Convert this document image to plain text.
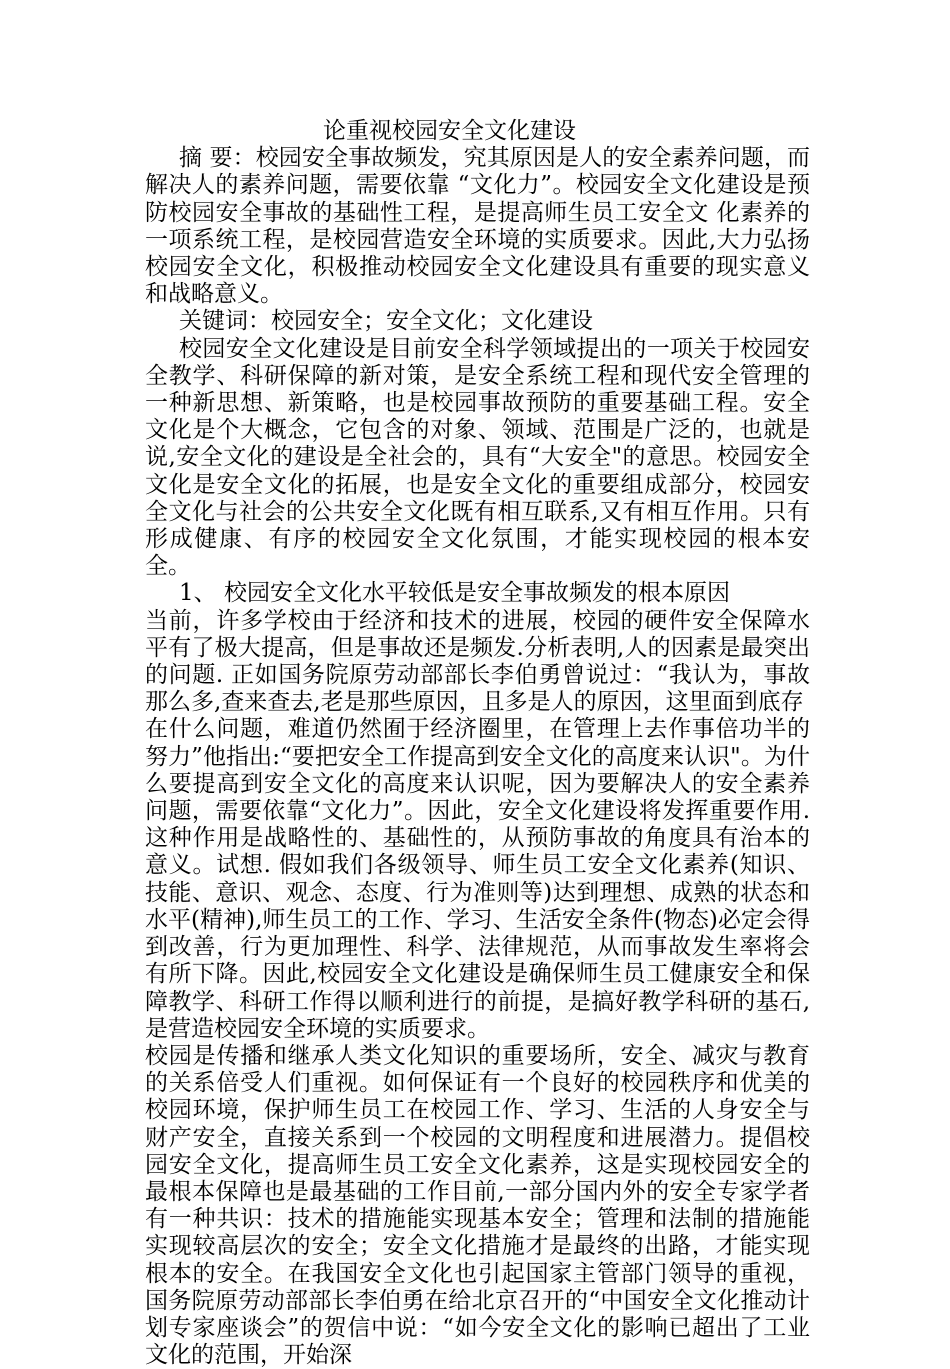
论重视校园安全文化建设

摘 要：校园安全事故频发，究其原因是人的安全素养问题，而解决人的素养问题，需要依靠 “文化力”。校园安全文化建设是预防校园安全事故的基础性工程，是提高师生员工安全文 化素养的一项系统工程，是校园营造安全环境的实质要求。因此,大力弘扬校园安全文化，积极推动校园安全文化建设具有重要的现实意义和战略意义。

关键词：校园安全；安全文化；文化建设

校园安全文化建设是目前安全科学领域提出的一项关于校园安全教学、科研保障的新对策，是安全系统工程和现代安全管理的一种新思想、新策略，也是校园事故预防的重要基础工程。安全文化是个大概念，它包含的对象、领域、范围是广泛的，也就是说,安全文化的建设是全社会的，具有“大安全"的意思。校园安全文化是安全文化的拓展，也是安全文化的重要组成部分，校园安全文化与社会的公共安全文化既有相互联系,又有相互作用。只有形成健康、有序的校园安全文化氛围，才能实现校园的根本安全。

1、 校园安全文化水平较低是安全事故频发的根本原因

当前，许多学校由于经济和技术的进展，校园的硬件安全保障水平有了极大提高，但是事故还是频发.分析表明,人的因素是最突出的问题. 正如国务院原劳动部部长李伯勇曾说过：“我认为，事故那么多,查来查去,老是那些原因，且多是人的原因，这里面到底存

在什么问题，难道仍然囿于经济圈里，在管理上去作事倍功半的努力”他指出:“要把安全工作提高到安全文化的高度来认识"。为什么要提高到安全文化的高度来认识呢，因为要解决人的安全素养问题，需要依靠“文化力”。因此，安全文化建设将发挥重要作用.这种作用是战略性的、基础性的，从预防事故的角度具有治本的意义。试想. 假如我们各级领导、师生员工安全文化素养(知识、技能、意识、观念、态度、行为准则等)达到理想、成熟的状态和水平(精神),师生员工的工作、学习、生活安全条件(物态)必定会得到改善，行为更加理性、科学、法律规范，从而事故发生率将会有所下降。因此,校园安全文化建设是确保师生员工健康安全和保障教学、科研工作得以顺利进行的前提，是搞好教学科研的基石,是营造校园安全环境的实质要求。

校园是传播和继承人类文化知识的重要场所，安全、减灾与教育的关系倍受人们重视。如何保证有一个良好的校园秩序和优美的校园环境，保护师生员工在校园工作、学习、生活的人身安全与财产安全，直接关系到一个校园的文明程度和进展潜力。提倡校园安全文化，提高师生员工安全文化素养，这是实现校园安全的最根本保障也是最基础的工作目前,一部分国内外的安全专家学者有一种共识：技术的措施能实现基本安全；管理和法制的措施能实现较高层次的安全；安全文化措施才是最终的出路，才能实现根本的安全。在我国安全文化也引起国家主管部门领导的重视，国务院原劳动部部长李伯勇在给北京召开的“中国安全文化推动计划专家座谈会”的贺信中说：“如今安全文化的影响已超出了工业文化的范围，开始深
